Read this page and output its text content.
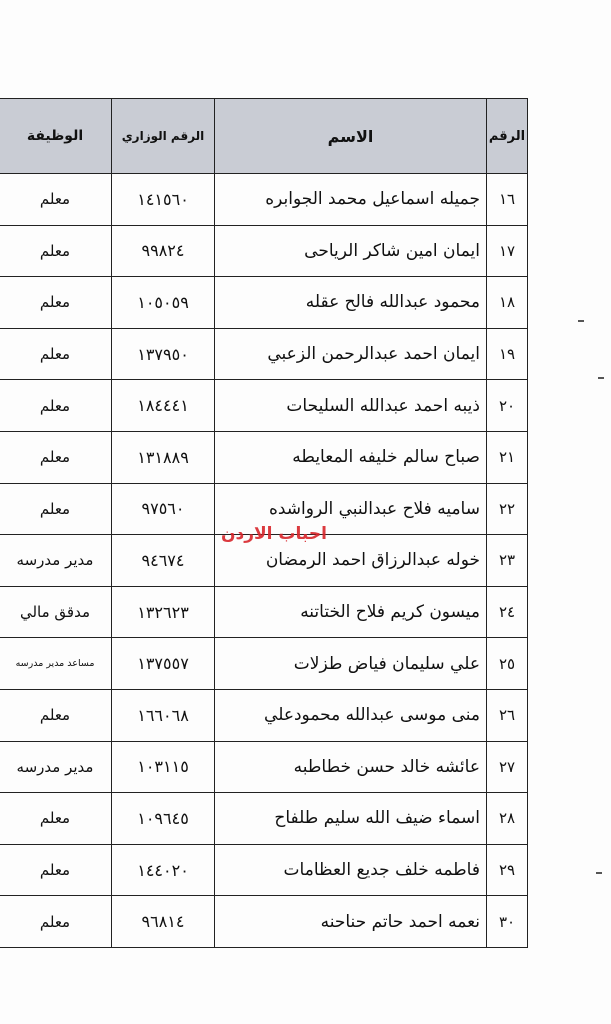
الرقم	الاسم	الرقم الوزاري	الوظيفة
١٦	جميله اسماعيل محمد الجوابره	١٤١٥٦٠	معلم
١٧	ايمان امين شاكر الرياحى	٩٩٨٢٤	معلم
١٨	محمود عبدالله فالح عقله	١٠٥٠٥٩	معلم
١٩	ايمان احمد عبدالرحمن الزعبي	١٣٧٩٥٠	معلم
٢٠	ذيبه احمد عبدالله السليحات	١٨٤٤٤١	معلم
٢١	صباح سالم خليفه المعايطه	١٣١٨٨٩	معلم
٢٢	ساميه فلاح عبدالنبي الرواشده	٩٧٥٦٠	معلم
٢٣	خوله عبدالرزاق احمد الرمضان	٩٤٦٧٤	مدير مدرسه
٢٤	ميسون كريم فلاح الختاتنه	١٣٢٦٢٣	مدقق مالي
٢٥	علي سليمان فياض طزلات	١٣٧٥٥٧	مساعد مدير مدرسه
٢٦	منى موسى عبدالله محمودعلي	١٦٦٠٦٨	معلم
٢٧	عائشه خالد حسن خطاطبه	١٠٣١١٥	مدير مدرسه
٢٨	اسماء ضيف الله سليم طلفاح	١٠٩٦٤٥	معلم
٢٩	فاطمه خلف جديع العظامات	١٤٤٠٢٠	معلم
٣٠	نعمه احمد حاتم حناحنه	٩٦٨١٤	معلم
احباب الاردن
